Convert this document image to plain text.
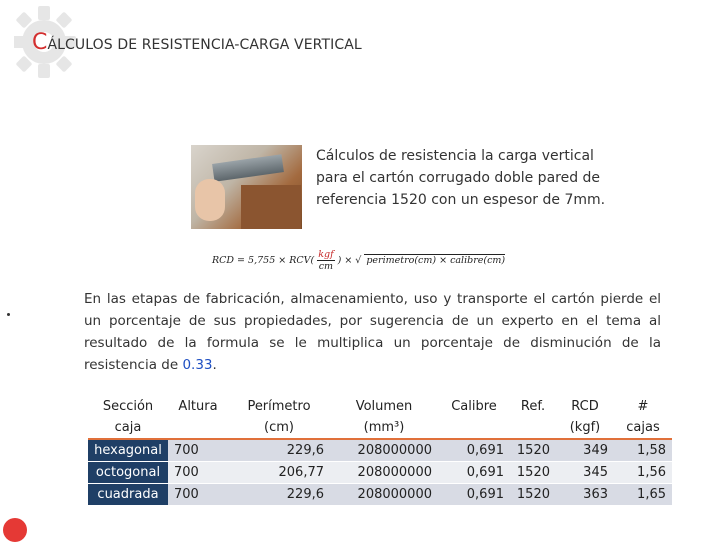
CÁLCULOS DE RESISTENCIA-CARGA VERTICAL
Cálculos de resistencia la carga vertical para el cartón corrugado doble pared de referencia 1520 con un espesor de 7mm.
RCD = $5,755 \times RCV( \frac{\text{kgf}}{cm}$ ) × √ perimetro(cm) × calibre(cm)
En las etapas de fabricación, almacenamiento, uso y transporte el cartón pierde el un porcentaje de sus propiedades, por sugerencia de un experto en el tema al resultado de la formula se le multiplica un porcentaje de disminución de la resistencia de 0.33.
Sección caja	Altura	Perímetro (cm)	Volumen (mm³)	Calibre	Ref.	RCD (kgf)	# cajas
hexagonal	700	229,6	208000000	0,691	1520	349	1,58
octogonal	700	206,77	208000000	0,691	1520	345	1,56
cuadrada	700	229,6	208000000	0,691	1520	363	1,65
